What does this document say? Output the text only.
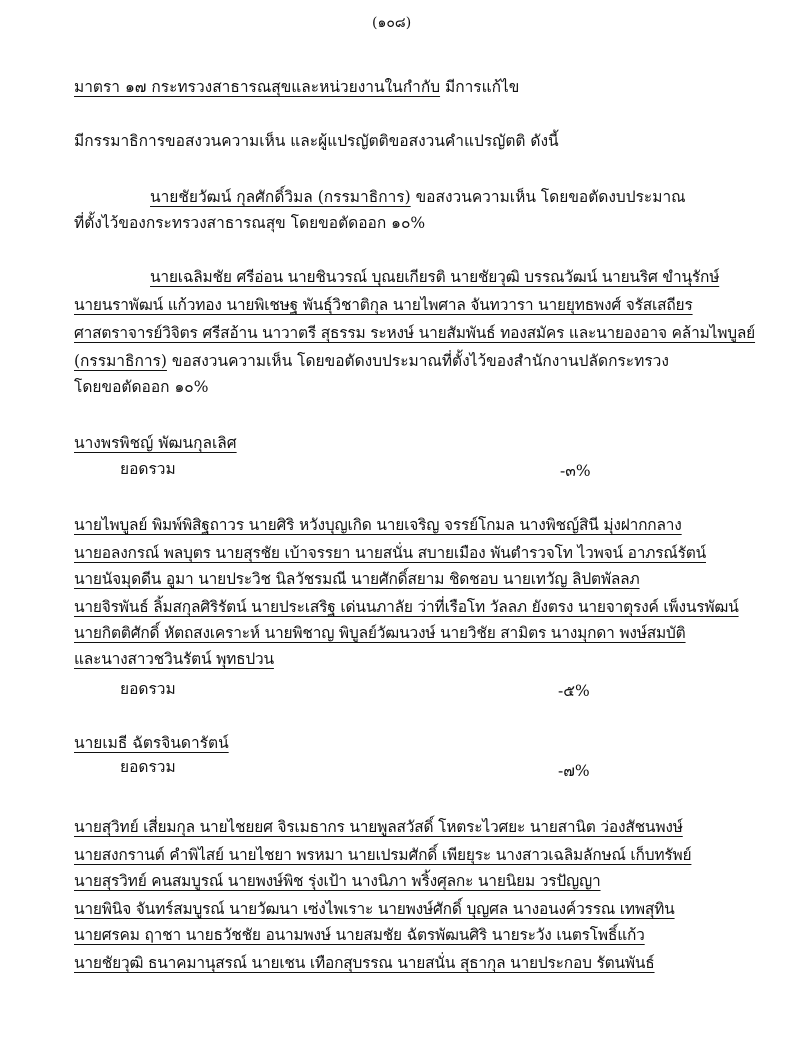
(๑๐๘)
มาตรา ๑๗ กระทรวงสาธารณสุขและหน่วยงานในกำกับ มีการแก้ไข
มีกรรมาธิการขอสงวนความเห็น และผู้แปรญัตติขอสงวนคำแปรญัตติ ดังนี้
นายชัยวัฒน์ กุลศักดิ์วิมล (กรรมาธิการ) ขอสงวนความเห็น โดยขอตัดงบประมาณ
ที่ตั้งไว้ของกระทรวงสาธารณสุข โดยขอตัดออก ๑๐%
นายเฉลิมชัย ศรีอ่อน นายชินวรณ์ บุณยเกียรติ นายชัยวุฒิ บรรณวัฒน์ นายนริศ ขำนุรักษ์
นายนราพัฒน์ แก้วทอง นายพิเชษฐ พันธุ์วิชาติกุล นายไพศาล จันทวารา นายยุทธพงศ์ จรัสเสถียร
ศาสตราจารย์วิจิตร ศรีสอ้าน นาวาตรี สุธรรม ระหงษ์ นายสัมพันธ์ ทองสมัคร และนายองอาจ คล้ามไพบูลย์
(กรรมาธิการ) ขอสงวนความเห็น โดยขอตัดงบประมาณที่ตั้งไว้ของสำนักงานปลัดกระทรวง
โดยขอตัดออก ๑๐%
นางพรพิชญ์ พัฒนกุลเลิศ
ยอดรวม	-๓%
นายไพบูลย์ พิมพ์พิสิฐถาวร นายศิริ หวังบุญเกิด นายเจริญ จรรย์โกมล นางพิชญ์สินี มุ่งฝากกลาง
นายอลงกรณ์ พลบุตร นายสุรชัย เบ้าจรรยา นายสนั่น สบายเมือง พันตำรวจโท ไวพจน์ อาภรณ์รัตน์
นายนัจมุดดีน อูมา นายประวิช นิลวัชรมณี นายศักดิ์สยาม ชิดชอบ นายเทวัญ ลิปตพัลลภ
นายจิรพันธ์ ลิ้มสกุลศิริรัตน์ นายประเสริฐ เด่นนภาลัย ว่าที่เรือโท วัลลภ ยังตรง นายจาตุรงค์ เพ็งนรพัฒน์
นายกิตติศักดิ์ หัตถสงเคราะห์ นายพิชาญ พิบูลย์วัฒนวงษ์ นายวิชัย สามิตร นางมุกดา พงษ์สมบัติ
และนางสาวชวินรัตน์ พุทธปวน
ยอดรวม	-๕%
นายเมธี ฉัตรจินดารัตน์
ยอดรวม	-๗%
นายสุวิทย์ เสี่ยมกุล นายไชยยศ จิรเมธากร นายพูลสวัสดิ์ โหตระไวศยะ นายสานิต ว่องสัชนพงษ์
นายสงกรานต์ คำพิไสย์ นายไชยา พรหมา นายเปรมศักดิ์ เพียยุระ นางสาวเฉลิมลักษณ์ เก็บทรัพย์
นายสุรวิทย์ คนสมบูรณ์ นายพงษ์พิช รุ่งเป้า นางนิภา พริ้งศุลกะ นายนิยม วรปัญญา
นายพินิจ จันทร์สมบูรณ์ นายวัฒนา เซ่งไพเราะ นายพงษ์ศักดิ์ บุญศล นางอนงค์วรรณ เทพสุทิน
นายศรคม ฤาชา นายธวัชชัย อนามพงษ์ นายสมชัย ฉัตรพัฒนศิริ นายระวัง เนตรโพธิ์แก้ว
นายชัยวุฒิ ธนาคมานุสรณ์ นายเชน เทือกสุบรรณ นายสนั่น สุธากุล นายประกอบ รัตนพันธ์
